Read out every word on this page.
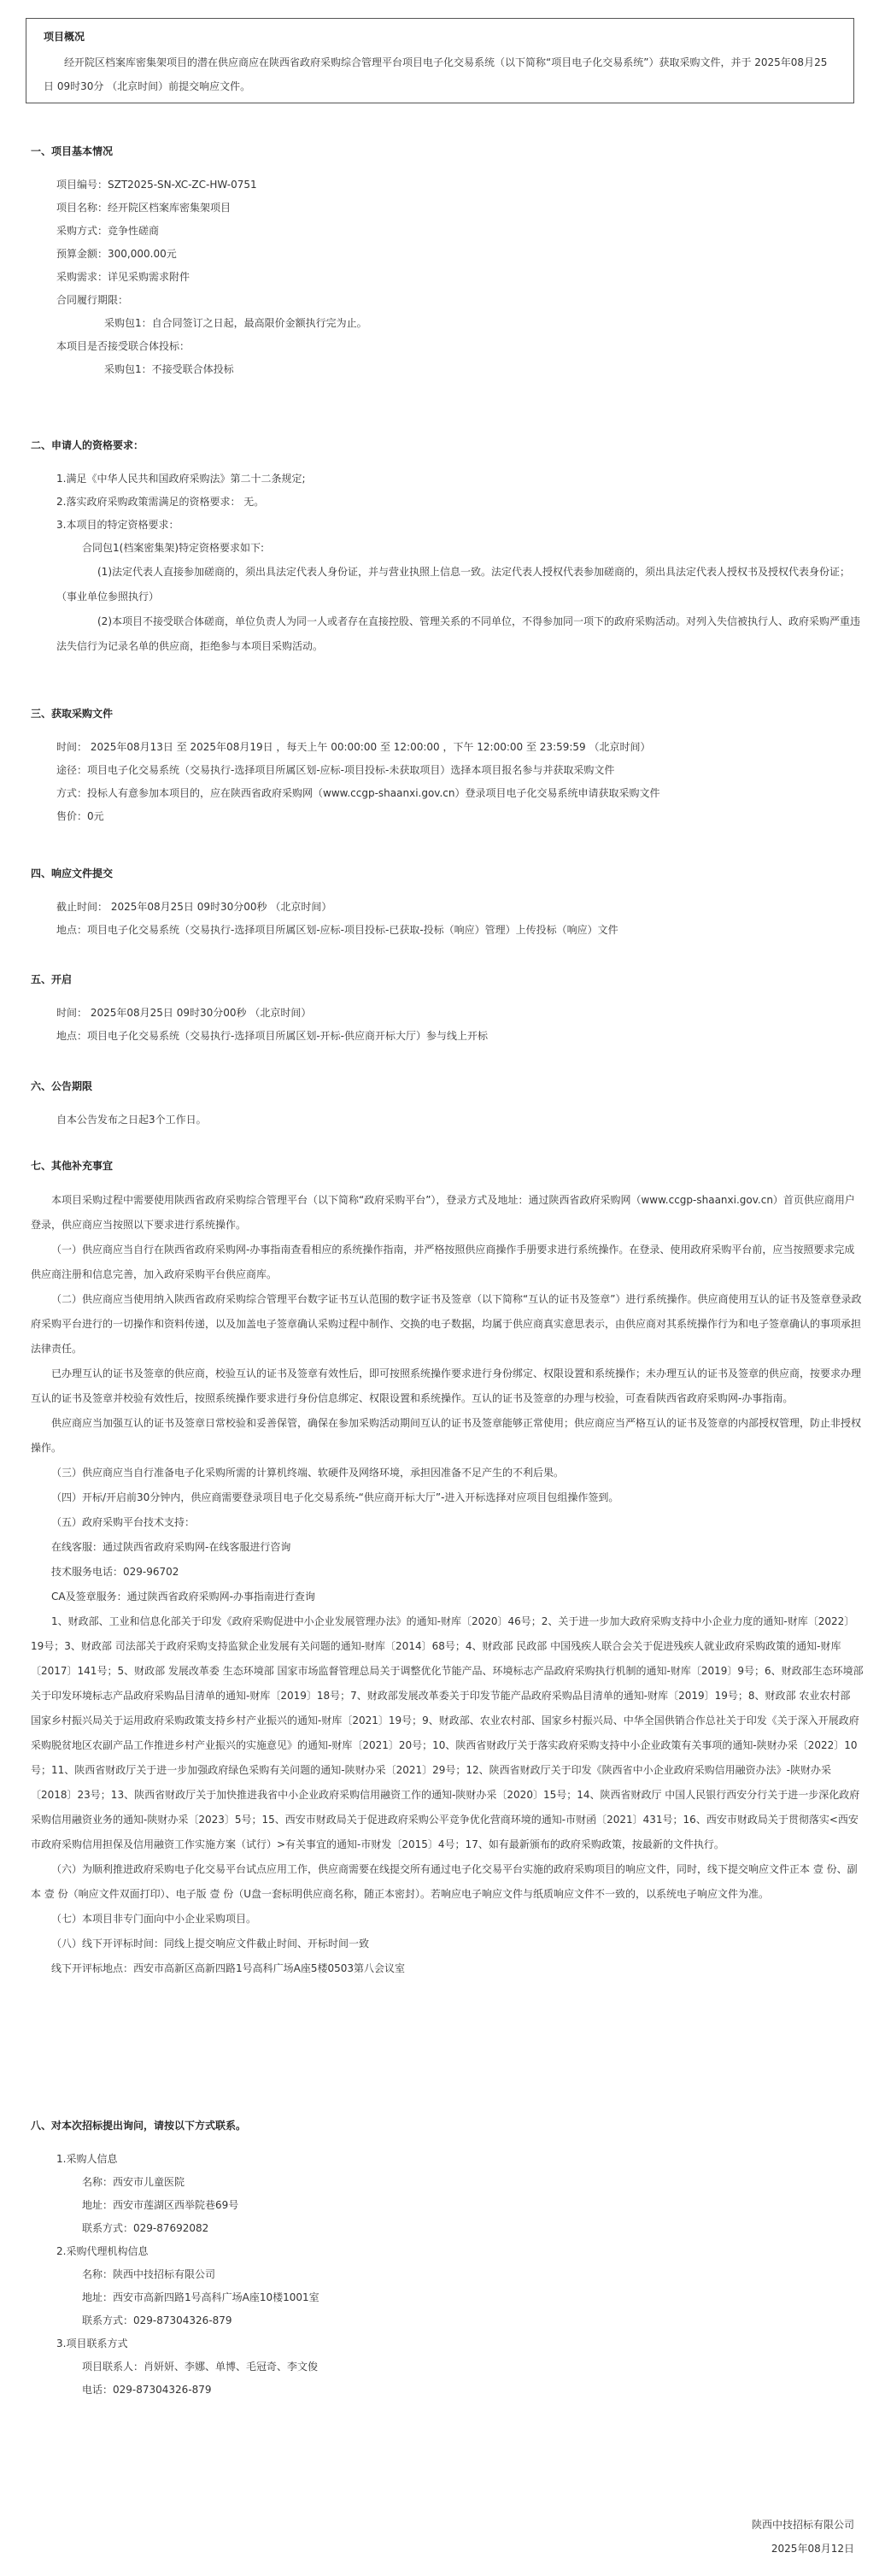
项目概况

经开院区档案库密集架项目的潜在供应商应在陕西省政府采购综合管理平台项目电子化交易系统（以下简称“项目电子化交易系统”）获取采购文件，并于 2025年08月25日 09时30分 （北京时间）前提交响应文件。

一、项目基本情况

项目编号：SZT2025-SN-XC-ZC-HW-0751

项目名称：经开院区档案库密集架项目

采购方式：竞争性磋商

预算金额：300,000.00元

采购需求：详见采购需求附件

合同履行期限：

采购包1：自合同签订之日起，最高限价金额执行完为止。

本项目是否接受联合体投标：

采购包1：不接受联合体投标

二、申请人的资格要求：

1.满足《中华人民共和国政府采购法》第二十二条规定;

2.落实政府采购政策需满足的资格要求： 无。

3.本项目的特定资格要求：

合同包1(档案密集架)特定资格要求如下:

(1)法定代表人直接参加磋商的，须出具法定代表人身份证，并与营业执照上信息一致。法定代表人授权代表参加磋商的，须出具法定代表人授权书及授权代表身份证；（事业单位参照执行）

(2)本项目不接受联合体磋商，单位负责人为同一人或者存在直接控股、管理关系的不同单位，不得参加同一项下的政府采购活动。对列入失信被执行人、政府采购严重违法失信行为记录名单的供应商，拒绝参与本项目采购活动。

三、获取采购文件

时间： 2025年08月13日 至 2025年08月19日 ，每天上午 00:00:00 至 12:00:00 ，下午 12:00:00 至 23:59:59 （北京时间）

途径：项目电子化交易系统（交易执行-选择项目所属区划-应标-项目投标-未获取项目）选择本项目报名参与并获取采购文件

方式：投标人有意参加本项目的，应在陕西省政府采购网（www.ccgp-shaanxi.gov.cn）登录项目电子化交易系统申请获取采购文件

售价：0元

四、响应文件提交

截止时间： 2025年08月25日 09时30分00秒 （北京时间）

地点：项目电子化交易系统（交易执行-选择项目所属区划-应标-项目投标-已获取-投标（响应）管理）上传投标（响应）文件

五、开启

时间： 2025年08月25日 09时30分00秒 （北京时间）

地点：项目电子化交易系统（交易执行-选择项目所属区划-开标-供应商开标大厅）参与线上开标

六、公告期限

自本公告发布之日起3个工作日。

七、其他补充事宜

本项目采购过程中需要使用陕西省政府采购综合管理平台（以下简称“政府采购平台”），登录方式及地址：通过陕西省政府采购网（www.ccgp-shaanxi.gov.cn）首页供应商用户登录，供应商应当按照以下要求进行系统操作。

（一）供应商应当自行在陕西省政府采购网-办事指南查看相应的系统操作指南，并严格按照供应商操作手册要求进行系统操作。在登录、使用政府采购平台前，应当按照要求完成供应商注册和信息完善，加入政府采购平台供应商库。

（二）供应商应当使用纳入陕西省政府采购综合管理平台数字证书互认范围的数字证书及签章（以下简称“互认的证书及签章”）进行系统操作。供应商使用互认的证书及签章登录政府采购平台进行的一切操作和资料传递，以及加盖电子签章确认采购过程中制作、交换的电子数据，均属于供应商真实意思表示，由供应商对其系统操作行为和电子签章确认的事项承担法律责任。

已办理互认的证书及签章的供应商，校验互认的证书及签章有效性后，即可按照系统操作要求进行身份绑定、权限设置和系统操作；未办理互认的证书及签章的供应商，按要求办理互认的证书及签章并校验有效性后，按照系统操作要求进行身份信息绑定、权限设置和系统操作。互认的证书及签章的办理与校验，可查看陕西省政府采购网-办事指南。

供应商应当加强互认的证书及签章日常校验和妥善保管，确保在参加采购活动期间互认的证书及签章能够正常使用；供应商应当严格互认的证书及签章的内部授权管理，防止非授权操作。

（三）供应商应当自行准备电子化采购所需的计算机终端、软硬件及网络环境，承担因准备不足产生的不利后果。

（四）开标/开启前30分钟内，供应商需要登录项目电子化交易系统-“供应商开标大厅”-进入开标选择对应项目包组操作签到。

（五）政府采购平台技术支持：

在线客服：通过陕西省政府采购网-在线客服进行咨询

技术服务电话：029-96702

CA及签章服务：通过陕西省政府采购网-办事指南进行查询

1、财政部、工业和信息化部关于印发《政府采购促进中小企业发展管理办法》的通知-财库〔2020〕46号；2、关于进一步加大政府采购支持中小企业力度的通知-财库〔2022〕19号；3、财政部 司法部关于政府采购支持监狱企业发展有关问题的通知-财库〔2014〕68号；4、财政部 民政部 中国残疾人联合会关于促进残疾人就业政府采购政策的通知-财库〔2017〕141号；5、财政部 发展改革委 生态环境部 国家市场监督管理总局关于调整优化节能产品、环境标志产品政府采购执行机制的通知-财库〔2019〕9号；6、财政部生态环境部关于印发环境标志产品政府采购品目清单的通知-财库〔2019〕18号；7、财政部发展改革委关于印发节能产品政府采购品目清单的通知-财库〔2019〕19号；8、财政部 农业农村部 国家乡村振兴局关于运用政府采购政策支持乡村产业振兴的通知-财库〔2021〕19号；9、财政部、农业农村部、国家乡村振兴局、中华全国供销合作总社关于印发《关于深入开展政府采购脱贫地区农副产品工作推进乡村产业振兴的实施意见》的通知-财库〔2021〕20号；10、陕西省财政厅关于落实政府采购支持中小企业政策有关事项的通知-陕财办采〔2022〕10号；11、陕西省财政厅关于进一步加强政府绿色采购有关问题的通知-陕财办采〔2021〕29号；12、陕西省财政厅关于印发《陕西省中小企业政府采购信用融资办法》-陕财办采〔2018〕23号；13、陕西省财政厅关于加快推进我省中小企业政府采购信用融资工作的通知-陕财办采〔2020〕15号；14、陕西省财政厅 中国人民银行西安分行关于进一步深化政府采购信用融资业务的通知-陕财办采〔2023〕5号；15、西安市财政局关于促进政府采购公平竞争优化营商环境的通知-市财函〔2021〕431号；16、西安市财政局关于贯彻落实<西安市政府采购信用担保及信用融资工作实施方案（试行）>有关事宜的通知-市财发〔2015〕4号；17、如有最新颁布的政府采购政策，按最新的文件执行。

（六）为顺利推进政府采购电子化交易平台试点应用工作，供应商需要在线提交所有通过电子化交易平台实施的政府采购项目的响应文件，同时，线下提交响应文件正本 壹 份、副本 壹 份（响应文件双面打印）、电子版 壹 份（U盘一套标明供应商名称，随正本密封）。若响应电子响应文件与纸质响应文件不一致的，以系统电子响应文件为准。

（七）本项目非专门面向中小企业采购项目。

（八）线下开评标时间：同线上提交响应文件截止时间、开标时间一致

线下开评标地点：西安市高新区高新四路1号高科广场A座5楼0503第八会议室

八、对本次招标提出询问，请按以下方式联系。

1.采购人信息

名称：西安市儿童医院

地址：西安市莲湖区西举院巷69号

联系方式：029-87692082

2.采购代理机构信息

名称：陕西中技招标有限公司

地址：西安市高新四路1号高科广场A座10楼1001室

联系方式：029-87304326-879

3.项目联系方式

项目联系人：肖妍妍、李娜、单博、毛冠奇、李文俊

电话：029-87304326-879

陕西中技招标有限公司
2025年08月12日
